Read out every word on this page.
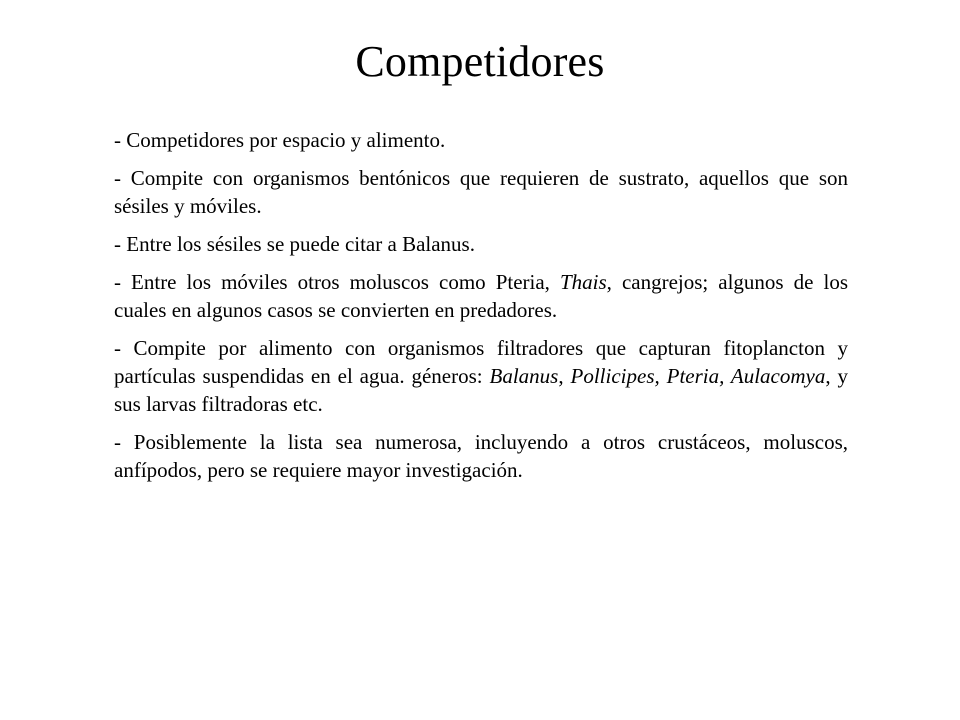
Competidores

- Competidores por espacio y alimento.

- Compite con organismos bentónicos que requieren de sustrato, aquellos que son sésiles y móviles.

- Entre los sésiles se puede citar a Balanus.

- Entre los móviles otros moluscos como Pteria, Thais, cangrejos; algunos de los cuales en algunos casos se convierten en predadores.

- Compite por alimento con organismos filtradores que capturan fitoplancton y partículas suspendidas en el agua. géneros: Balanus, Pollicipes, Pteria, Aulacomya, y sus larvas filtradoras etc.

- Posiblemente la lista sea numerosa, incluyendo a otros crustáceos, moluscos, anfípodos, pero se requiere mayor investigación.
